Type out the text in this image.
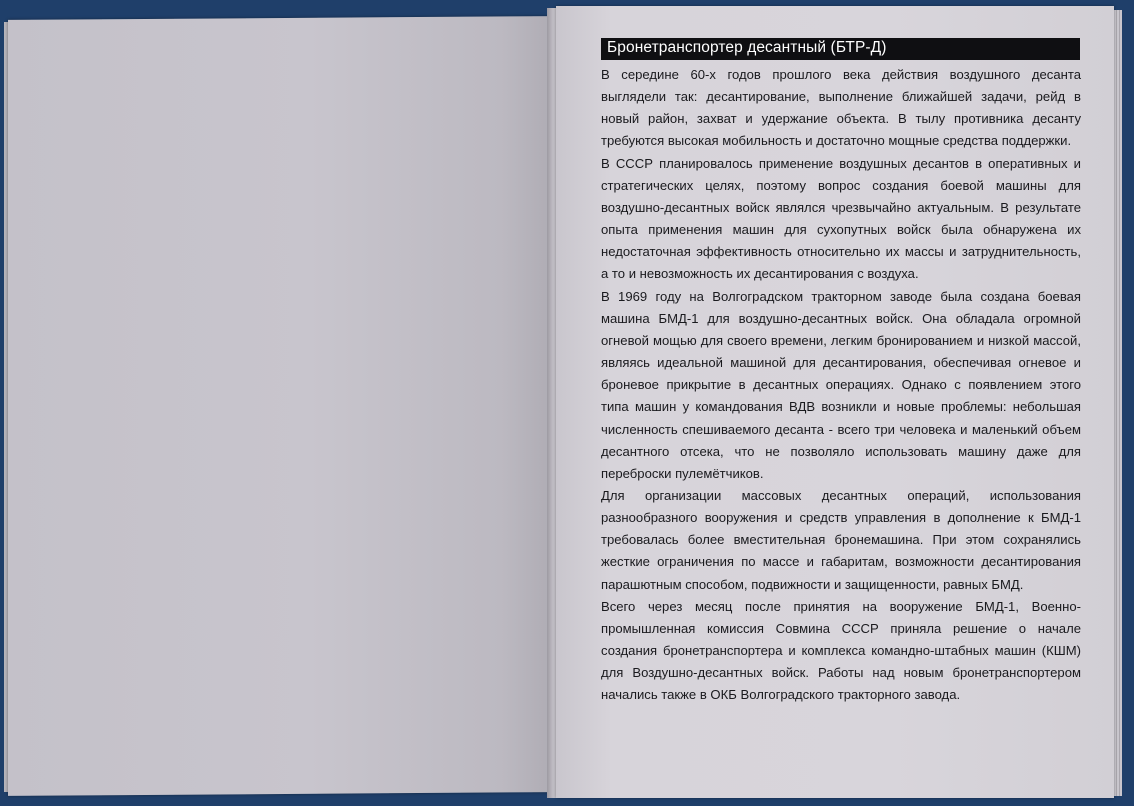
Бронетранспортер десантный (БТР-Д)

В середине 60-х годов прошлого века действия воздушного десанта выглядели так: десантирование, выполнение ближайшей задачи, рейд в новый район, захват и удержание объекта. В тылу противника десанту требуются высокая мобильность и достаточно мощные средства поддержки.

В СССР планировалось применение воздушных десантов в оперативных и стратегических целях, поэтому вопрос создания боевой машины для воздушно-десантных войск являлся чрезвычайно актуальным. В результате опыта применения машин для сухопутных войск была обнаружена их недостаточная эффективность относительно их массы и затруднительность, а то и невозможность их десантирования с воздуха.

В 1969 году на Волгоградском тракторном заводе была создана боевая машина БМД-1 для воздушно-десантных войск. Она обладала огромной огневой мощью для своего времени, легким бронированием и низкой массой, являясь идеальной машиной для десантирования, обеспечивая огневое и броневое прикрытие в десантных операциях. Однако с появлением этого типа машин у командования ВДВ возникли и новые проблемы: небольшая численность спешиваемого десанта - всего три человека и маленький объем десантного отсека, что не позволяло использовать машину даже для переброски пулемётчиков.

Для организации массовых десантных операций, использования разнообразного вооружения и средств управления в дополнение к БМД-1 требовалась более вместительная бронемашина. При этом сохранялись жесткие ограничения по массе и габаритам, возможности десантирования парашютным способом, подвижности и защищенности, равных БМД.

Всего через месяц после принятия на вооружение БМД-1, Военно-промышленная комиссия Совмина СССР приняла решение о начале создания бронетранспортера и комплекса командно-штабных машин (КШМ) для Воздушно-десантных войск. Работы над новым бронетранспортером начались также в ОКБ Волгоградского тракторного завода.
